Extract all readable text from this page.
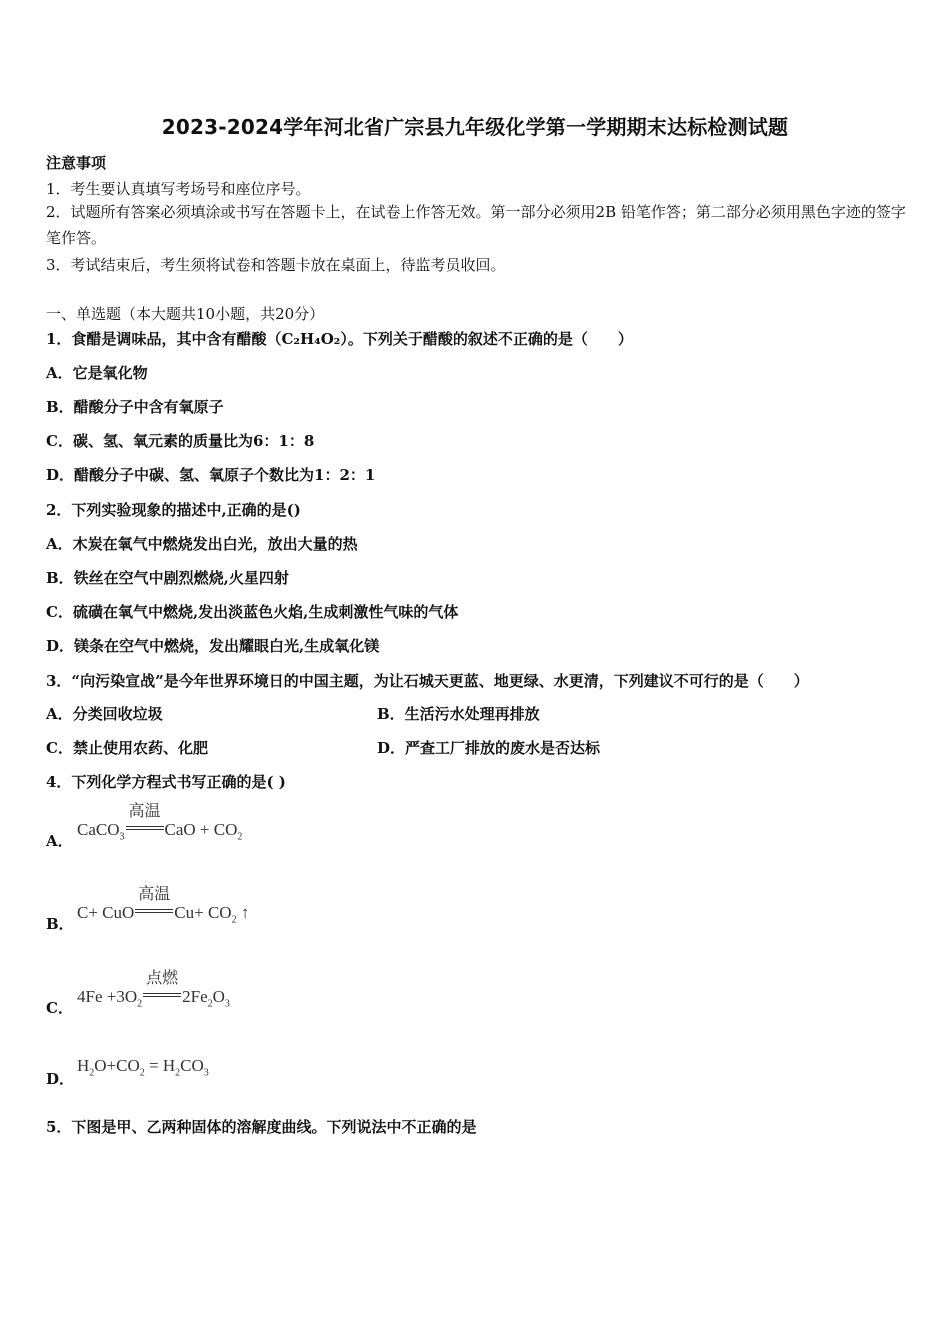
2023-2024学年河北省广宗县九年级化学第一学期期末达标检测试题
注意事项
1．考生要认真填写考场号和座位序号。
2．试题所有答案必须填涂或书写在答题卡上，在试卷上作答无效。第一部分必须用2B 铅笔作答；第二部分必须用黑色字迹的签字笔作答。
3．考试结束后，考生须将试卷和答题卡放在桌面上，待监考员收回。
一、单选题（本大题共10小题，共20分）
1．食醋是调味品，其中含有醋酸（C₂H₄O₂）。下列关于醋酸的叙述不正确的是（　　）
A．它是氧化物
B．醋酸分子中含有氧原子
C．碳、氢、氧元素的质量比为6：1：8
D．醋酸分子中碳、氢、氧原子个数比为1：2：1
2．下列实验现象的描述中,正确的是()
A．木炭在氧气中燃烧发出白光，放出大量的热
B．铁丝在空气中剧烈燃烧,火星四射
C．硫磺在氧气中燃烧,发出淡蓝色火焰,生成刺激性气味的气体
D．镁条在空气中燃烧，发出耀眼白光,生成氧化镁
3．“向污染宣战”是今年世界环境日的中国主题，为让石城天更蓝、地更绿、水更清，下列建议不可行的是（　　）
A．分类回收垃圾	B．生活污水处理再排放
C．禁止使用农药、化肥	D．严查工厂排放的废水是否达标
4．下列化学方程式书写正确的是( )
A．
CaCO$_3$
高温
CaO + $CO_2$
B．
C+ CuO
高温
$Cu+ CO_2$ ↑
C．
$4Fe +3O_2$
点燃
$2Fe_2O_3$
D．
$H_2O+CO_2 = H_2CO_3$
5．下图是甲、乙两种固体的溶解度曲线。下列说法中不正确的是
